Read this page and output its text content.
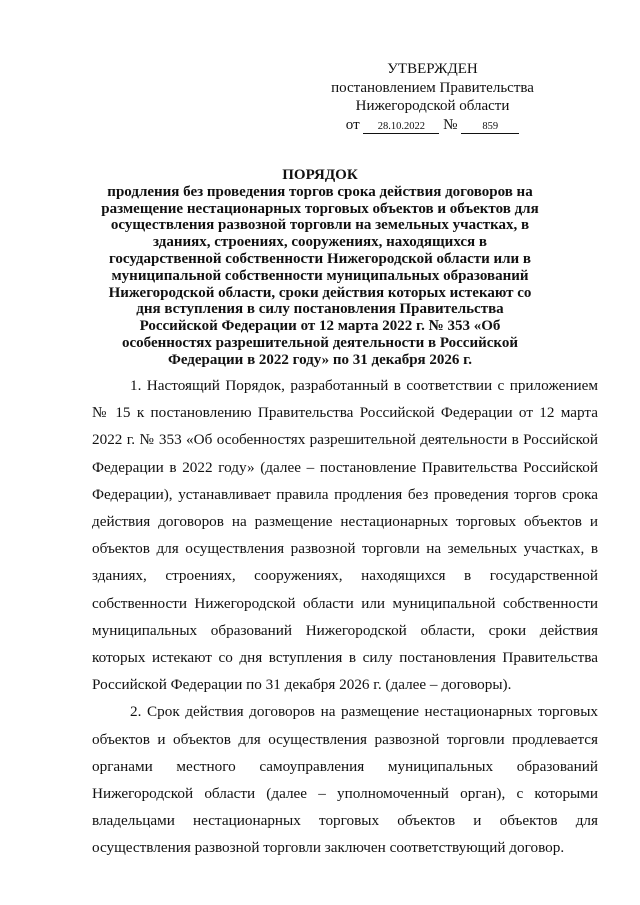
УТВЕРЖДЕН
постановлением Правительства
Нижегородской области
от 28.10.2022 № 859
ПОРЯДОК
продления без проведения торгов срока действия договоров на размещение нестационарных торговых объектов и объектов для осуществления развозной торговли на земельных участках, в зданиях, строениях, сооружениях, находящихся в государственной собственности Нижегородской области или в муниципальной собственности муниципальных образований Нижегородской области, сроки действия которых истекают со дня вступления в силу постановления Правительства Российской Федерации от 12 марта 2022 г. № 353 «Об особенностях разрешительной деятельности в Российской Федерации в 2022 году» по 31 декабря 2026 г.

1. Настоящий Порядок, разработанный в соответствии с приложением № 15 к постановлению Правительства Российской Федерации от 12 марта 2022 г. № 353 «Об особенностях разрешительной деятельности в Российской Федерации в 2022 году» (далее – постановление Правительства Российской Федерации), устанавливает правила продления без проведения торгов срока действия договоров на размещение нестационарных торговых объектов и объектов для осуществления развозной торговли на земельных участках, в зданиях, строениях, сооружениях, находящихся в государственной собственности Нижегородской области или муниципальной собственности муниципальных образований Нижегородской области, сроки действия которых истекают со дня вступления в силу постановления Правительства Российской Федерации по 31 декабря 2026 г. (далее – договоры).

2. Срок действия договоров на размещение нестационарных торговых объектов и объектов для осуществления развозной торговли продлевается органами местного самоуправления муниципальных образований Нижегородской области (далее – уполномоченный орган), с которыми владельцами нестационарных торговых объектов и объектов для осуществления развозной торговли заключен соответствующий договор.
